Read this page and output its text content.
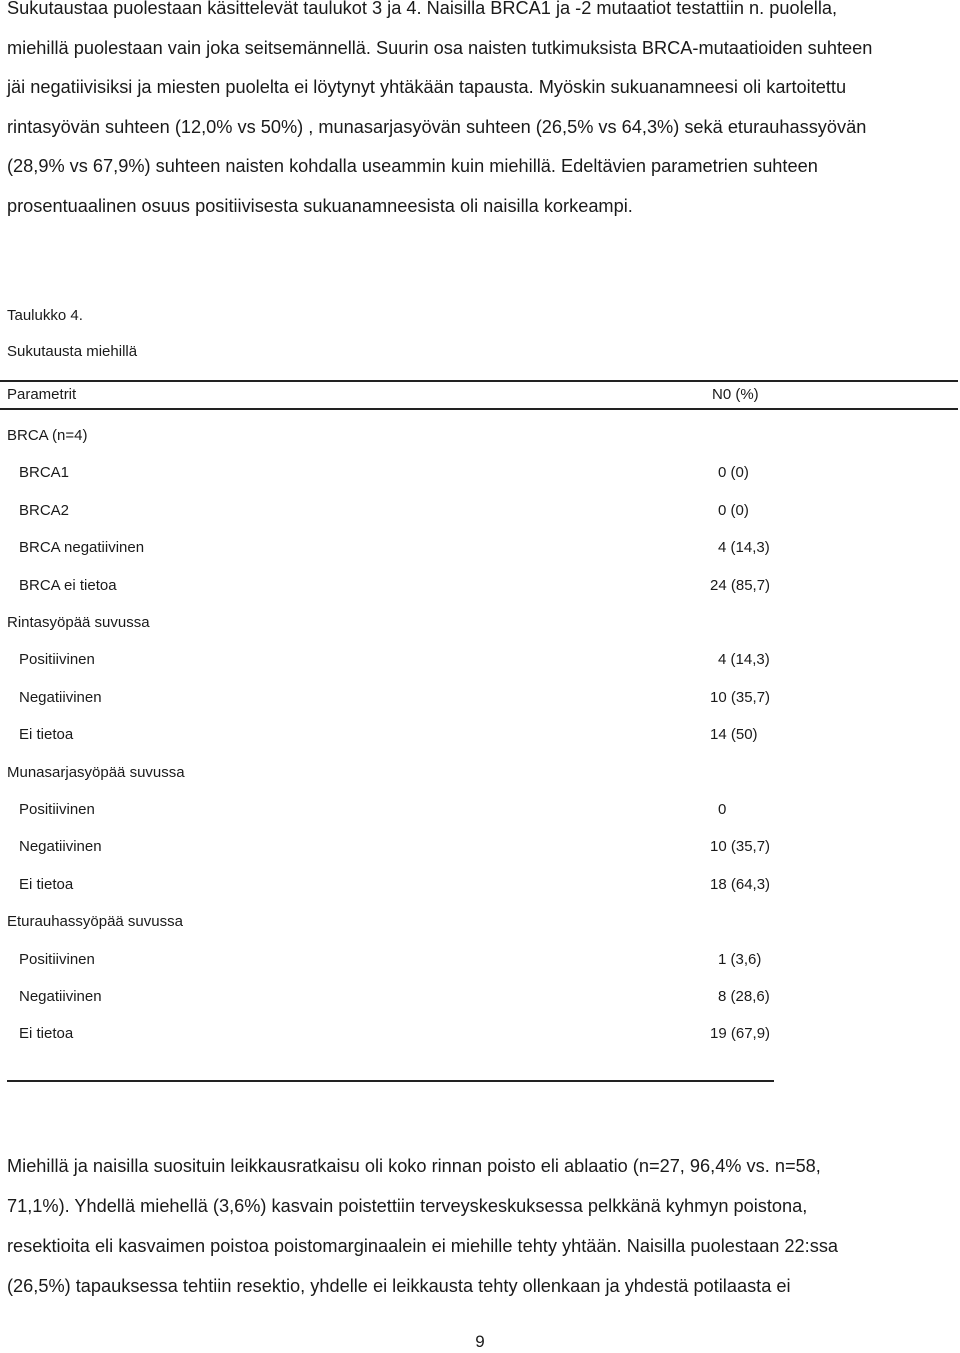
Sukutaustaa puolestaan käsittelevät taulukot 3 ja 4. Naisilla BRCA1 ja -2 mutaatiot testattiin n. puolella,
miehillä puolestaan vain joka seitsemännellä. Suurin osa naisten tutkimuksista BRCA-mutaatioiden suhteen
jäi negatiivisiksi ja miesten puolelta ei löytynyt yhtäkään tapausta. Myöskin sukuanamneesi oli kartoitettu
rintasyövän suhteen (12,0% vs 50%) , munasarjasyövän suhteen (26,5% vs 64,3%) sekä eturauhassyövän
(28,9% vs 67,9%) suhteen naisten kohdalla useammin kuin miehillä. Edeltävien parametrien suhteen
prosentuaalinen osuus positiivisesta sukuanamneesista oli naisilla korkeampi.
Taulukko 4.
Sukutausta miehillä
Parametrit	N0 (%)
BRCA (n=4)
BRCA1	0 (0)
BRCA2	0 (0)
BRCA negatiivinen	4 (14,3)
BRCA ei tietoa	24 (85,7)
Rintasyöpää suvussa
Positiivinen	4 (14,3)
Negatiivinen	10 (35,7)
Ei tietoa	14 (50)
Munasarjasyöpää suvussa
Positiivinen	0
Negatiivinen	10 (35,7)
Ei tietoa	18 (64,3)
Eturauhassyöpää suvussa
Positiivinen	1 (3,6)
Negatiivinen	8 (28,6)
Ei tietoa	19 (67,9)
Miehillä ja naisilla suosituin leikkausratkaisu oli koko rinnan poisto eli ablaatio (n=27, 96,4% vs. n=58,
71,1%). Yhdellä miehellä (3,6%) kasvain poistettiin terveyskeskuksessa pelkkänä kyhmyn poistona,
resektioita eli kasvaimen poistoa poistomarginaalein ei miehille tehty yhtään. Naisilla puolestaan 22:ssa
(26,5%) tapauksessa tehtiin resektio, yhdelle ei leikkausta tehty ollenkaan ja yhdestä potilaasta ei
9
